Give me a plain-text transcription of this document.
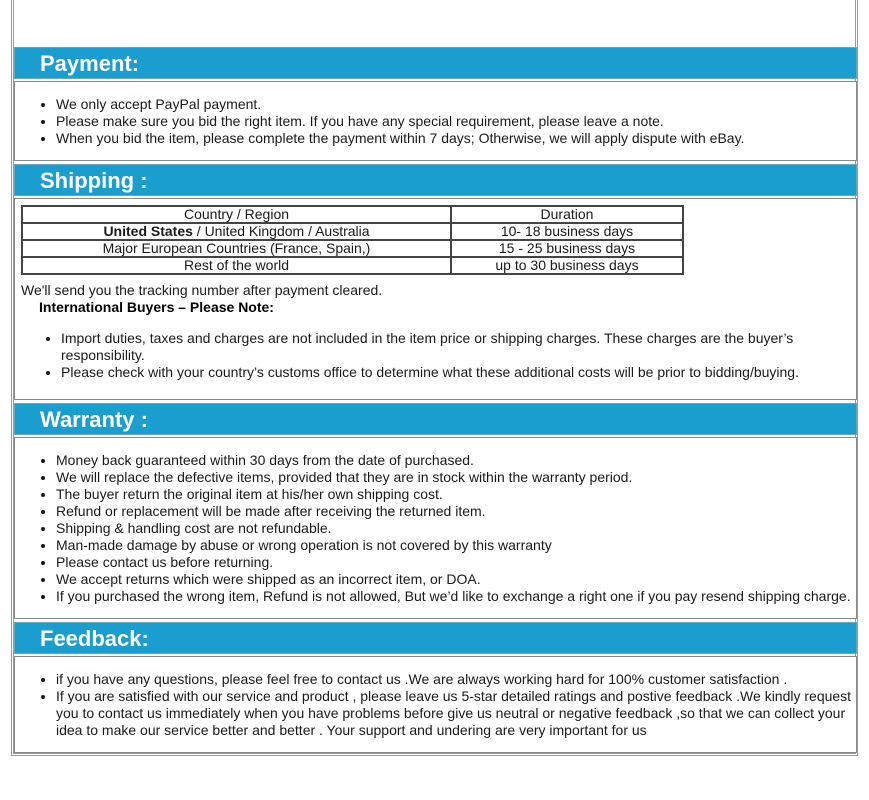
Payment:
• We only accept PayPal payment.
• Please make sure you bid the right item. If you have any special requirement, please leave a note.
• When you bid the item, please complete the payment within 7 days; Otherwise, we will apply dispute with eBay.
Shipping :
Country / Region	Duration
United States / United Kingdom / Australia	10- 18 business days
Major European Countries (France, Spain,)	15 - 25 business days
Rest of the world	up to 30 business days
We'll send you the tracking number after payment cleared.
International Buyers – Please Note:
• Import duties, taxes and charges are not included in the item price or shipping charges. These charges are the buyer’s responsibility.
• Please check with your country’s customs office to determine what these additional costs will be prior to bidding/buying.
Warranty :
• Money back guaranteed within 30 days from the date of purchased.
• We will replace the defective items, provided that they are in stock within the warranty period.
• The buyer return the original item at his/her own shipping cost.
• Refund or replacement will be made after receiving the returned item.
• Shipping & handling cost are not refundable.
• Man-made damage by abuse or wrong operation is not covered by this warranty
• Please contact us before returning.
• We accept returns which were shipped as an incorrect item, or DOA.
• If you purchased the wrong item, Refund is not allowed, But we’d like to exchange a right one if you pay resend shipping charge.
Feedback:
• if you have any questions, please feel free to contact us .We are always working hard for 100% customer satisfaction .
• If you are satisfied with our service and product , please leave us 5-star detailed ratings and postive feedback .We kindly request you to contact us immediately when you have problems before give us neutral or negative feedback ,so that we can collect your idea to make our service better and better . Your support and undering are very important for us
